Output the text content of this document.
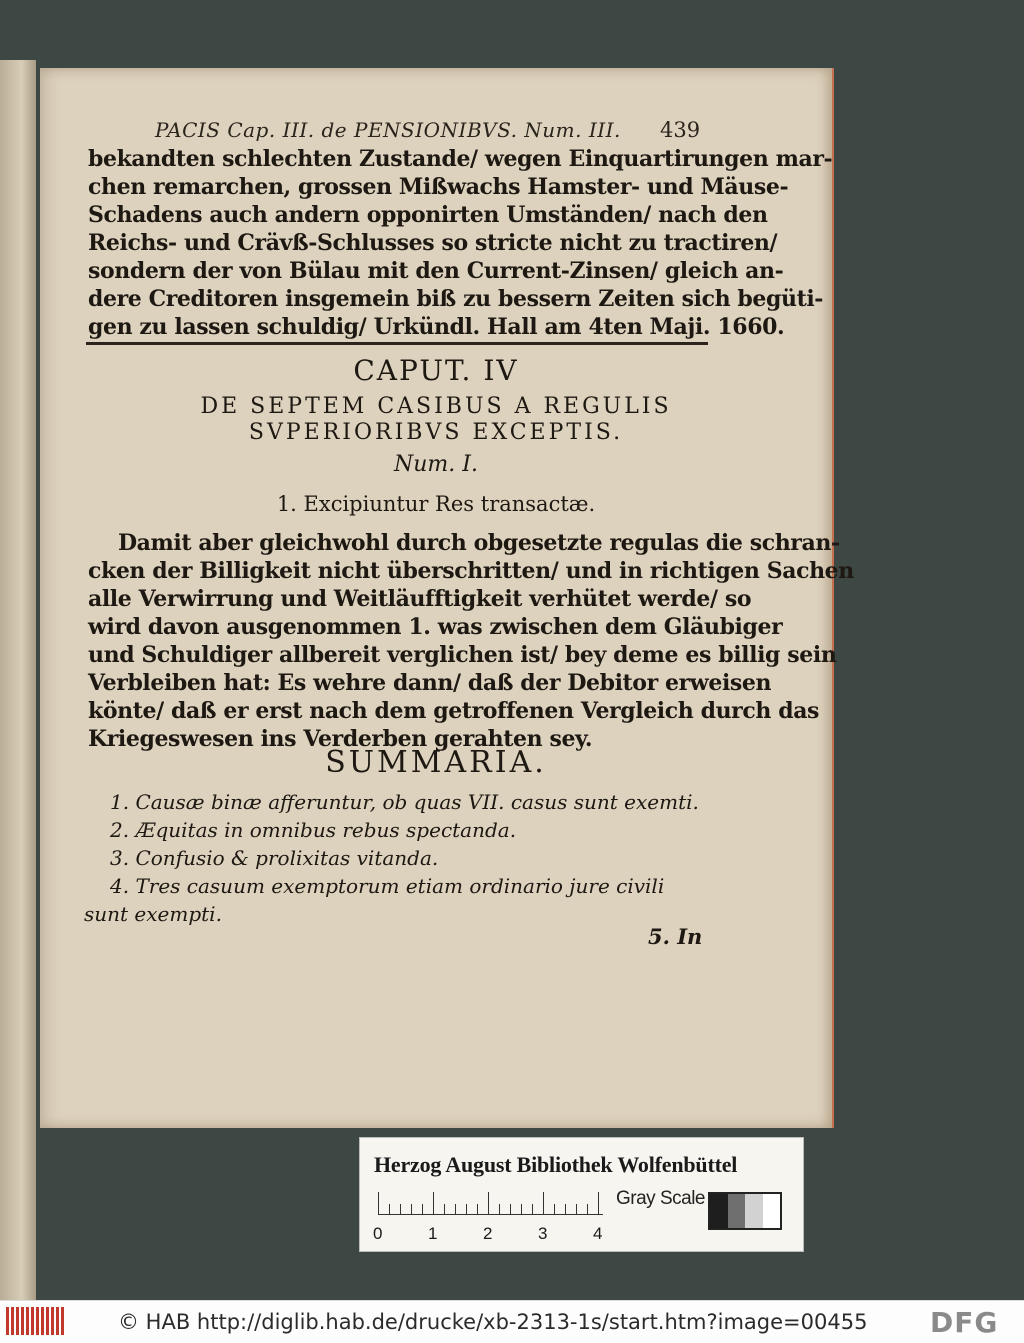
PACIS Cap. III. de PENSIONIBVS. Num. III. 439
bekandten schlechten Zustande/ wegen Einquartirungen mar-
chen remarchen, grossen Mißwachs Hamster- und Mäuse-
Schadens auch andern opponirten Umständen/ nach den
Reichs- und Crävß-Schlusses so stricte nicht zu tractiren/
sondern der von Bülau mit den Current-Zinsen/ gleich an-
dere Creditoren insgemein biß zu bessern Zeiten sich begüti-
gen zu lassen schuldig/ Urkündl. Hall am 4ten Maji. 1660.
CAPUT. IV
DE SEPTEM CASIBUS A REGULIS
SVPERIORIBVS EXCEPTIS.
Num. I.
1. Excipiuntur Res transactæ.
Damit aber gleichwohl durch obgesetzte regulas die schran-
cken der Billigkeit nicht überschritten/ und in richtigen Sachen
alle Verwirrung und Weitläufftigkeit verhütet werde/ so
wird davon ausgenommen 1. was zwischen dem Gläubiger
und Schuldiger allbereit verglichen ist/ bey deme es billig sein
Verbleiben hat: Es wehre dann/ daß der Debitor erweisen
könte/ daß er erst nach dem getroffenen Vergleich durch das
Kriegeswesen ins Verderben gerahten sey.
SUMMARIA.
1. Causæ binæ afferuntur, ob quas VII. casus sunt exemti.
2. Æquitas in omnibus rebus spectanda.
3. Confusio & prolixitas vitanda.
4. Tres casuum exemptorum etiam ordinario jure civili
sunt exempti.
5. In
Herzog August Bibliothek Wolfenbüttel
0	1	2	3	4
Gray Scale
© HAB http://diglib.hab.de/drucke/xb-2313-1s/start.htm?image=00455 DFG
